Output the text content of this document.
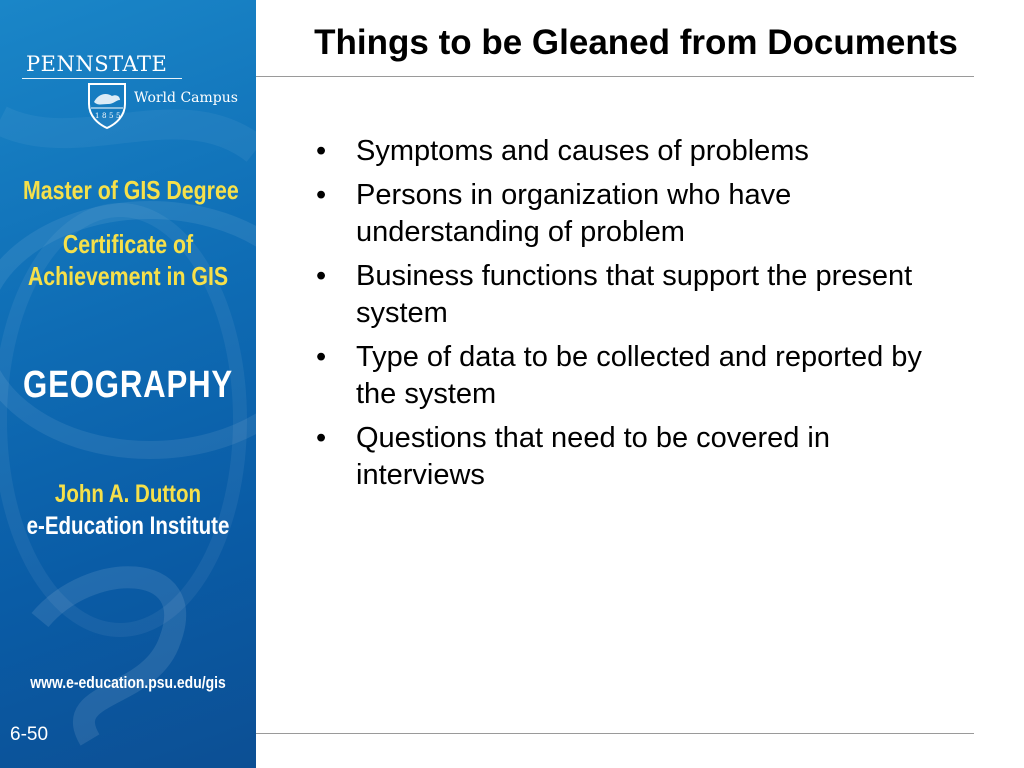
PENNSTATE
1 8 5 5
World Campus
Master of GIS Degree
Certificate of
Achievement in GIS
GEOGRAPHY
John A. Dutton
e-Education Institute
www.e-education.psu.edu/gis
6-50
Things to be Gleaned from Documents
•	Symptoms and causes of problems
•	Persons in organization who have understanding of problem
•	Business functions that support the present system
•	Type of data to be collected and reported by the system
•	Questions that need to be covered in interviews
